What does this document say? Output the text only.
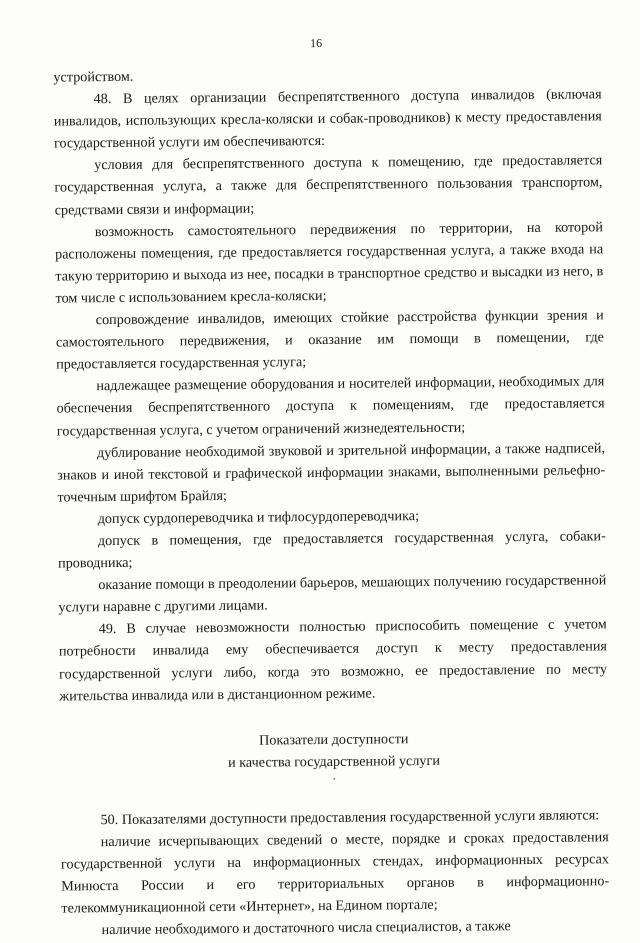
16

устройством.

48. В целях организации беспрепятственного доступа инвалидов (включая инвалидов, использующих кресла-коляски и собак-проводников) к месту предоставления государственной услуги им обеспечиваются:

условия для беспрепятственного доступа к помещению, где предоставляется государственная услуга, а также для беспрепятственного пользования транспортом, средствами связи и информации;

возможность самостоятельного передвижения по территории, на которой расположены помещения, где предоставляется государственная услуга, а также входа на такую территорию и выхода из нее, посадки в транспортное средство и высадки из него, в том числе с использованием кресла-коляски;

сопровождение инвалидов, имеющих стойкие расстройства функции зрения и самостоятельного передвижения, и оказание им помощи в помещении, где предоставляется государственная услуга;

надлежащее размещение оборудования и носителей информации, необходимых для обеспечения беспрепятственного доступа к помещениям, где предоставляется государственная услуга, с учетом ограничений жизнедеятельности;

дублирование необходимой звуковой и зрительной информации, а также надписей, знаков и иной текстовой и графической информации знаками, выполненными рельефно-точечным шрифтом Брайля;

допуск сурдопереводчика и тифлосурдопереводчика;

допуск в помещения, где предоставляется государственная услуга, собаки-проводника;

оказание помощи в преодолении барьеров, мешающих получению государственной услуги наравне с другими лицами.

49. В случае невозможности полностью приспособить помещение с учетом потребности инвалида ему обеспечивается доступ к месту предоставления государственной услуги либо, когда это возможно, ее предоставление по месту жительства инвалида или в дистанционном режиме.

Показатели доступности

и качества государственной услуги

·

50. Показателями доступности предоставления государственной услуги являются:

наличие исчерпывающих сведений о месте, порядке и сроках предоставления государственной услуги на информационных стендах, информационных ресурсах Минюста России и его территориальных органов в информационно-телекоммуникационной сети «Интернет», на Едином портале;

наличие необходимого и достаточного числа специалистов, а также
